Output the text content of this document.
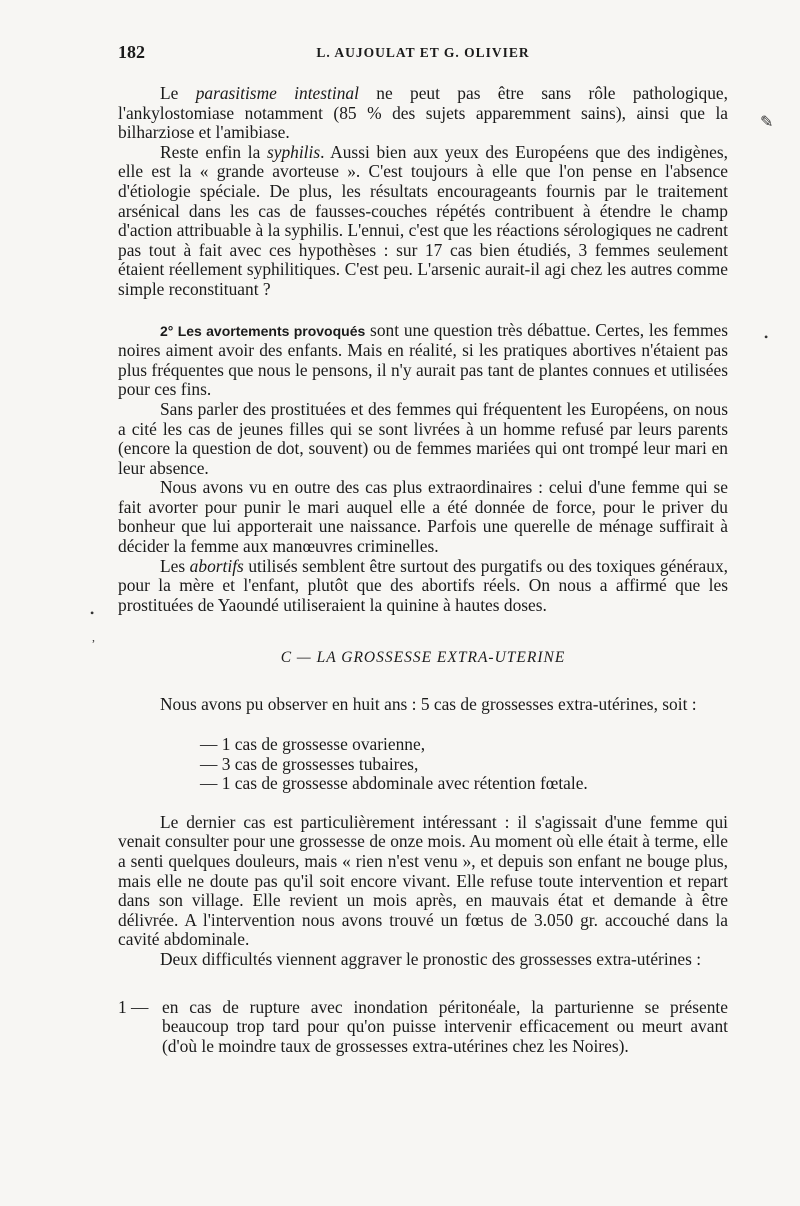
182	L. AUJOULAT ET G. OLIVIER

Le parasitisme intestinal ne peut pas être sans rôle pathologique, l'ankylostomiase notamment (85 % des sujets apparemment sains), ainsi que la bilharziose et l'amibiase.

Reste enfin la syphilis. Aussi bien aux yeux des Européens que des indigènes, elle est la « grande avorteuse ». C'est toujours à elle que l'on pense en l'absence d'étiologie spéciale. De plus, les résultats encourageants fournis par le traitement arsénical dans les cas de fausses-couches répétés contribuent à étendre le champ d'action attribuable à la syphilis. L'ennui, c'est que les réactions sérologiques ne cadrent pas tout à fait avec ces hypothèses : sur 17 cas bien étudiés, 3 femmes seulement étaient réellement syphilitiques. C'est peu. L'arsenic aurait-il agi chez les autres comme simple reconstituant ?

2° Les avortements provoqués sont une question très débattue. Certes, les femmes noires aiment avoir des enfants. Mais en réalité, si les pratiques abortives n'étaient pas plus fréquentes que nous le pensons, il n'y aurait pas tant de plantes connues et utilisées pour ces fins.

Sans parler des prostituées et des femmes qui fréquentent les Européens, on nous a cité les cas de jeunes filles qui se sont livrées à un homme refusé par leurs parents (encore la question de dot, souvent) ou de femmes mariées qui ont trompé leur mari en leur absence.

Nous avons vu en outre des cas plus extraordinaires : celui d'une femme qui se fait avorter pour punir le mari auquel elle a été donnée de force, pour le priver du bonheur que lui apporterait une naissance. Parfois une querelle de ménage suffirait à décider la femme aux manœuvres criminelles.

Les abortifs utilisés semblent être surtout des purgatifs ou des toxiques généraux, pour la mère et l'enfant, plutôt que des abortifs réels. On nous a affirmé que les prostituées de Yaoundé utiliseraient la quinine à hautes doses.

C — LA GROSSESSE EXTRA-UTERINE

Nous avons pu observer en huit ans : 5 cas de grossesses extra-utérines, soit :

— 1 cas de grossesse ovarienne,
— 3 cas de grossesses tubaires,
— 1 cas de grossesse abdominale avec rétention fœtale.

Le dernier cas est particulièrement intéressant : il s'agissait d'une femme qui venait consulter pour une grossesse de onze mois. Au moment où elle était à terme, elle a senti quelques douleurs, mais « rien n'est venu », et depuis son enfant ne bouge plus, mais elle ne doute pas qu'il soit encore vivant. Elle refuse toute intervention et repart dans son village. Elle revient un mois après, en mauvais état et demande à être délivrée. A l'intervention nous avons trouvé un fœtus de 3.050 gr. accouché dans la cavité abdominale.

Deux difficultés viennent aggraver le pronostic des grossesses extra-utérines :

1 — en cas de rupture avec inondation péritonéale, la parturienne se présente beaucoup trop tard pour qu'on puisse intervenir efficacement ou meurt avant (d'où le moindre taux de grossesses extra-utérines chez les Noires).

✎
•
•
,
